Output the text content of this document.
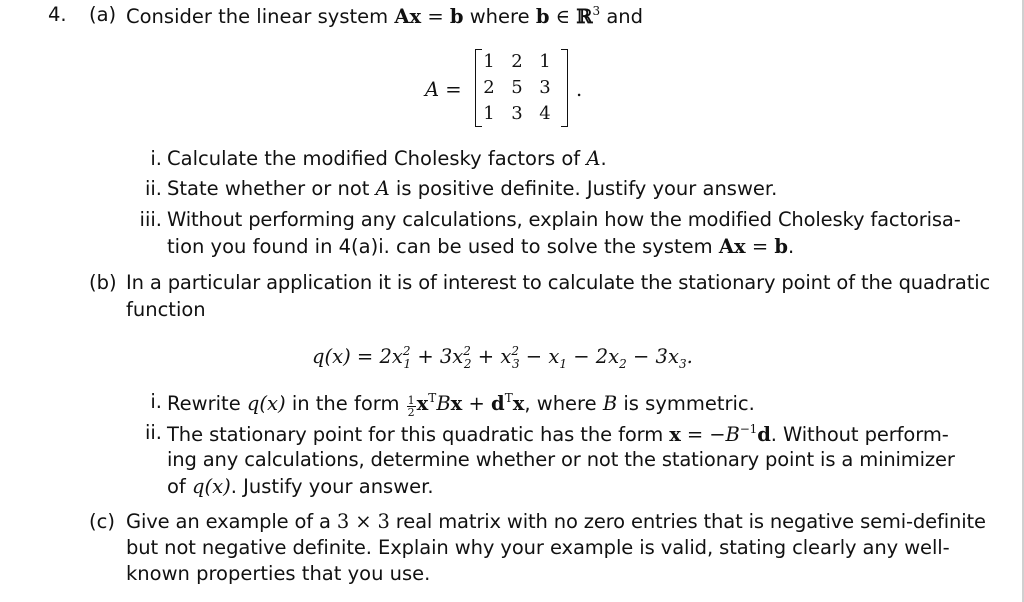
4. (a) Consider the linear system Ax = b where b ∈ ℝ$^3$ and
A =
1 2 1
2 5 3
1 3 4
.
i. Calculate the modified Cholesky factors of A.
ii. State whether or not A is positive definite. Justify your answer.
iii. Without performing any calculations, explain how the modified Cholesky factorisa-
tion you found in 4(a)i. can be used to solve the system Ax = b.
(b) In a particular application it is of interest to calculate the stationary point of the quadratic
function
$q(x) = 2x^2_1 + 3x^2_2 + x^2_3 - x_1 - 2x_2 - 3x_3$.
i. Rewrite q(x) in the form $\frac{1}{2} x^TBx + d^Tx$, where B is symmetric.
ii. The stationary point for this quadratic has the form $x = -B^{-1}d$. Without perform-
ing any calculations, determine whether or not the stationary point is a minimizer
of q(x). Justify your answer.
(c) Give an example of a 3 × 3 real matrix with no zero entries that is negative semi-definite
but not negative definite. Explain why your example is valid, stating clearly any well-
known properties that you use.
